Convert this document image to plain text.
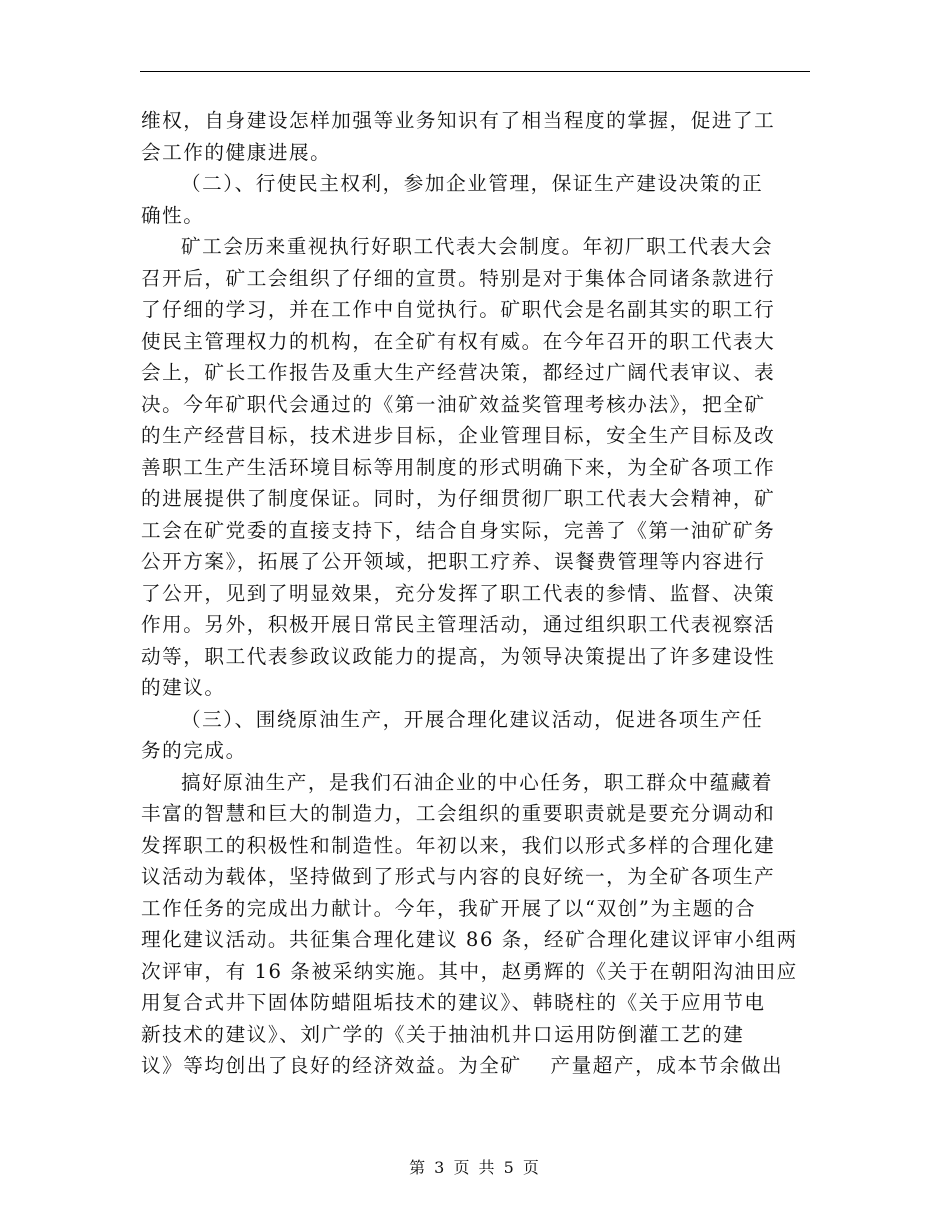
维权，自身建设怎样加强等业务知识有了相当程度的掌握，促进了工
会工作的健康进展。
（二）、行使民主权利，参加企业管理，保证生产建设决策的正
确性。
矿工会历来重视执行好职工代表大会制度。年初厂职工代表大会
召开后，矿工会组织了仔细的宣贯。特别是对于集体合同诸条款进行
了仔细的学习，并在工作中自觉执行。矿职代会是名副其实的职工行
使民主管理权力的机构，在全矿有权有威。在今年召开的职工代表大
会上，矿长工作报告及重大生产经营决策，都经过广阔代表审议、表
决。今年矿职代会通过的《第一油矿效益奖管理考核办法》，把全矿
的生产经营目标，技术进步目标，企业管理目标，安全生产目标及改
善职工生产生活环境目标等用制度的形式明确下来，为全矿各项工作
的进展提供了制度保证。同时，为仔细贯彻厂职工代表大会精神，矿
工会在矿党委的直接支持下，结合自身实际，完善了《第一油矿矿务
公开方案》，拓展了公开领域，把职工疗养、误餐费管理等内容进行
了公开，见到了明显效果，充分发挥了职工代表的参情、监督、决策
作用。另外，积极开展日常民主管理活动，通过组织职工代表视察活
动等，职工代表参政议政能力的提高，为领导决策提出了许多建设性
的建议。
（三）、围绕原油生产，开展合理化建议活动，促进各项生产任
务的完成。
搞好原油生产，是我们石油企业的中心任务，职工群众中蕴藏着
丰富的智慧和巨大的制造力，工会组织的重要职责就是要充分调动和
发挥职工的积极性和制造性。年初以来，我们以形式多样的合理化建
议活动为载体，坚持做到了形式与内容的良好统一，为全矿各项生产
工作任务的完成出力献计。今年，我矿开展了以“双创”为主题的合
理化建议活动。共征集合理化建议 86 条，经矿合理化建议评审小组两
次评审，有 16 条被采纳实施。其中，赵勇辉的《关于在朝阳沟油田应
用复合式井下固体防蜡阻垢技术的建议》、韩晓柱的《关于应用节电
新技术的建议》、刘广学的《关于抽油机井口运用防倒灌工艺的建
议》等均创出了良好的经济效益。为全矿　 产量超产，成本节余做出
第 3 页 共 5 页
